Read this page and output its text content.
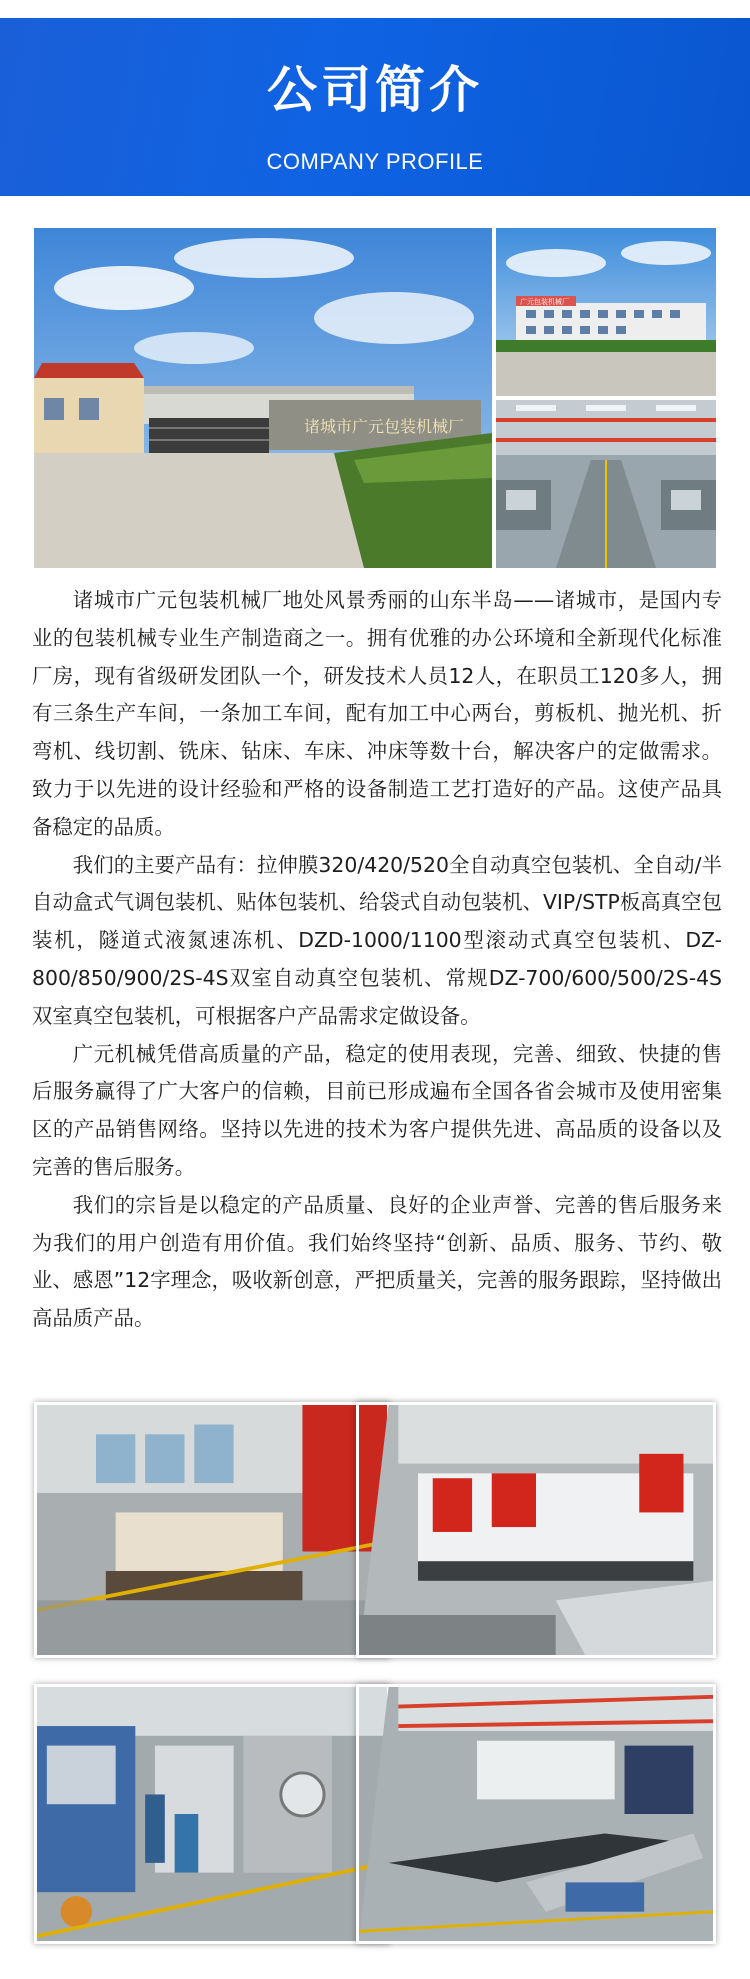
公司简介
COMPANY PROFILE
诸城市广元包装机械厂
广元包装机械厂

诸城市广元包装机械厂地处风景秀丽的山东半岛——诸城市，是国内专业的包装机械专业生产制造商之一。拥有优雅的办公环境和全新现代化标准厂房，现有省级研发团队一个，研发技术人员12人，在职员工120多人，拥有三条生产车间，一条加工车间，配有加工中心两台，剪板机、抛光机、折弯机、线切割、铣床、钻床、车床、冲床等数十台，解决客户的定做需求。致力于以先进的设计经验和严格的设备制造工艺打造好的产品。这使产品具备稳定的品质。

我们的主要产品有：拉伸膜320/420/520全自动真空包装机、全自动/半自动盒式气调包装机、贴体包装机、给袋式自动包装机、VIP/STP板高真空包装机，隧道式液氮速冻机、DZD-1000/1100型滚动式真空包装机、DZ-800/850/900/2S-4S双室自动真空包装机、常规DZ-700/600/500/2S-4S双室真空包装机，可根据客户产品需求定做设备。

广元机械凭借高质量的产品，稳定的使用表现，完善、细致、快捷的售后服务赢得了广大客户的信赖，目前已形成遍布全国各省会城市及使用密集区的产品销售网络。坚持以先进的技术为客户提供先进、高品质的设备以及完善的售后服务。

我们的宗旨是以稳定的产品质量、良好的企业声誉、完善的售后服务来为我们的用户创造有用价值。我们始终坚持“创新、品质、服务、节约、敬业、感恩”12字理念，吸收新创意，严把质量关，完善的服务跟踪，坚持做出高品质产品。
